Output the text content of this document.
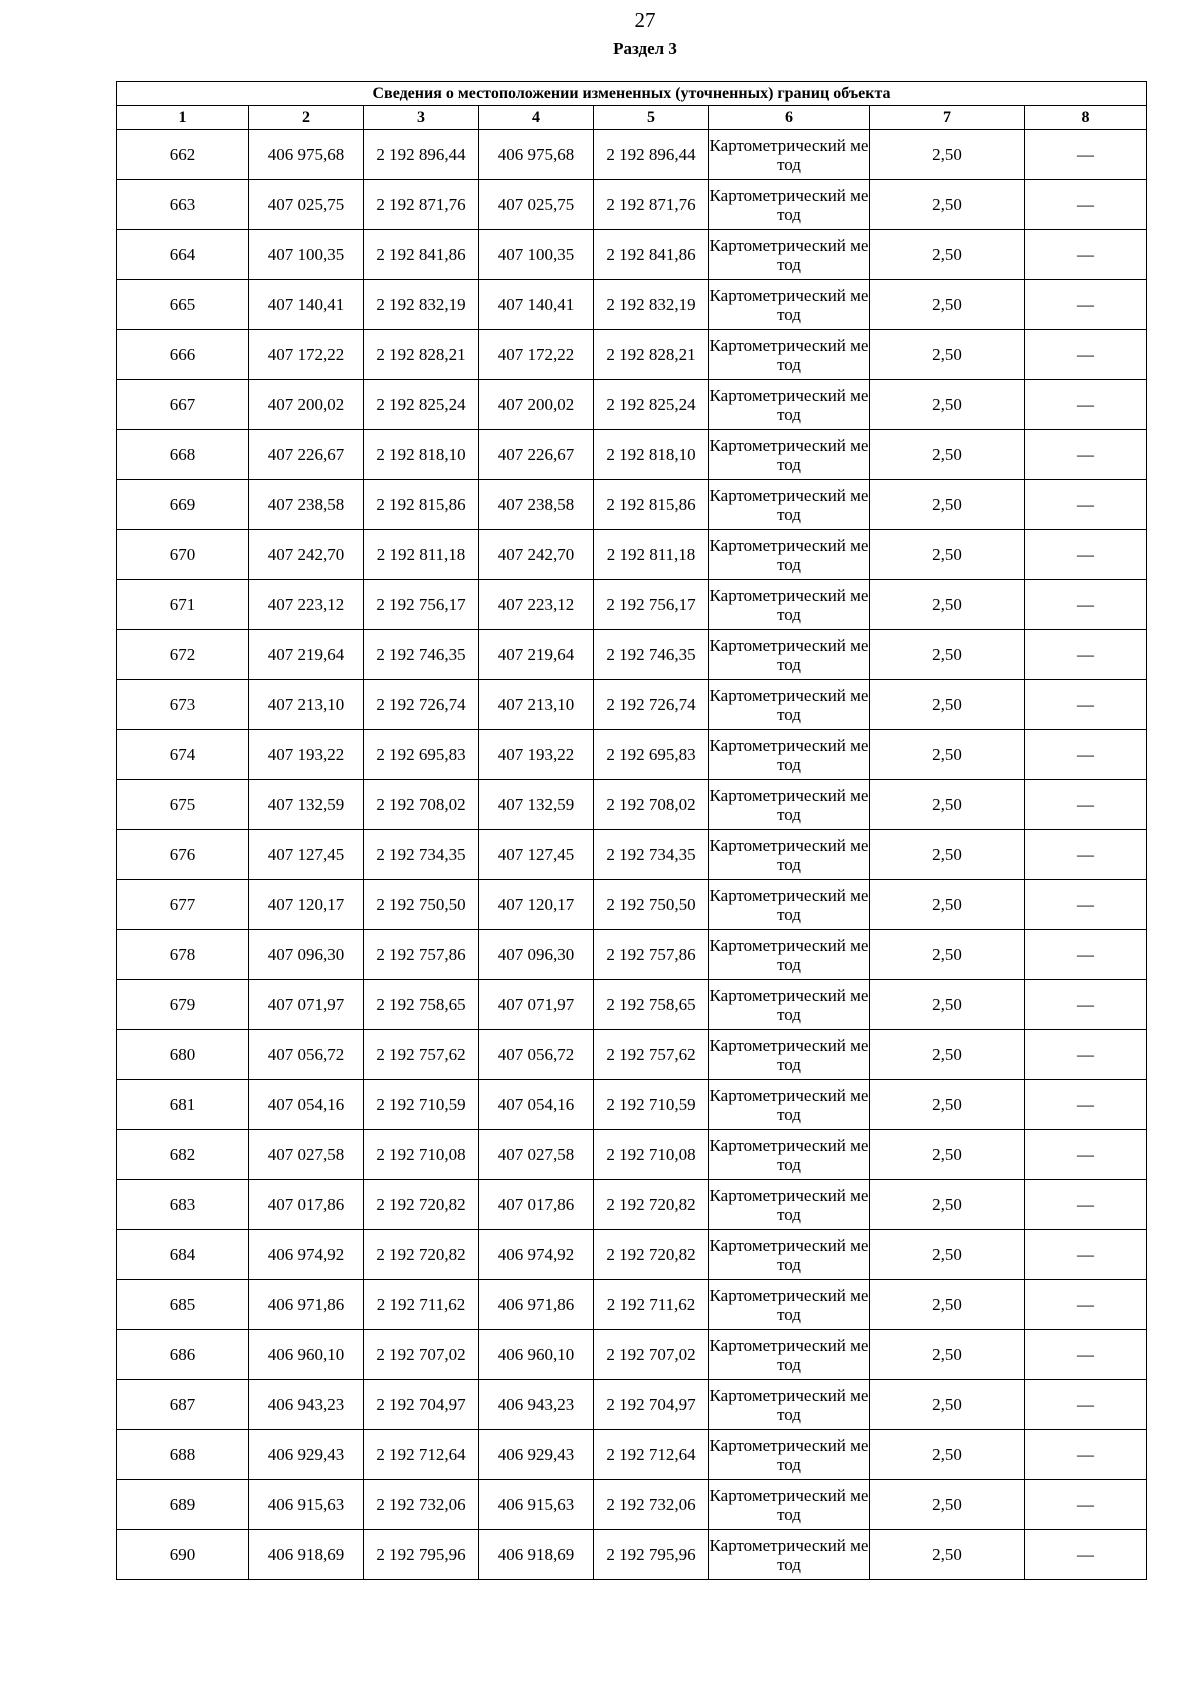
27
Раздел 3
Сведения о местоположении измененных (уточненных) границ объекта							
1	2	3	4	5	6	7	8
662	406 975,68	2 192 896,44	406 975,68	2 192 896,44	Картометрический метод	2,50	—
663	407 025,75	2 192 871,76	407 025,75	2 192 871,76	Картометрический метод	2,50	—
664	407 100,35	2 192 841,86	407 100,35	2 192 841,86	Картометрический метод	2,50	—
665	407 140,41	2 192 832,19	407 140,41	2 192 832,19	Картометрический метод	2,50	—
666	407 172,22	2 192 828,21	407 172,22	2 192 828,21	Картометрический метод	2,50	—
667	407 200,02	2 192 825,24	407 200,02	2 192 825,24	Картометрический метод	2,50	—
668	407 226,67	2 192 818,10	407 226,67	2 192 818,10	Картометрический метод	2,50	—
669	407 238,58	2 192 815,86	407 238,58	2 192 815,86	Картометрический метод	2,50	—
670	407 242,70	2 192 811,18	407 242,70	2 192 811,18	Картометрический метод	2,50	—
671	407 223,12	2 192 756,17	407 223,12	2 192 756,17	Картометрический метод	2,50	—
672	407 219,64	2 192 746,35	407 219,64	2 192 746,35	Картометрический метод	2,50	—
673	407 213,10	2 192 726,74	407 213,10	2 192 726,74	Картометрический метод	2,50	—
674	407 193,22	2 192 695,83	407 193,22	2 192 695,83	Картометрический метод	2,50	—
675	407 132,59	2 192 708,02	407 132,59	2 192 708,02	Картометрический метод	2,50	—
676	407 127,45	2 192 734,35	407 127,45	2 192 734,35	Картометрический метод	2,50	—
677	407 120,17	2 192 750,50	407 120,17	2 192 750,50	Картометрический метод	2,50	—
678	407 096,30	2 192 757,86	407 096,30	2 192 757,86	Картометрический метод	2,50	—
679	407 071,97	2 192 758,65	407 071,97	2 192 758,65	Картометрический метод	2,50	—
680	407 056,72	2 192 757,62	407 056,72	2 192 757,62	Картометрический метод	2,50	—
681	407 054,16	2 192 710,59	407 054,16	2 192 710,59	Картометрический метод	2,50	—
682	407 027,58	2 192 710,08	407 027,58	2 192 710,08	Картометрический метод	2,50	—
683	407 017,86	2 192 720,82	407 017,86	2 192 720,82	Картометрический метод	2,50	—
684	406 974,92	2 192 720,82	406 974,92	2 192 720,82	Картометрический метод	2,50	—
685	406 971,86	2 192 711,62	406 971,86	2 192 711,62	Картометрический метод	2,50	—
686	406 960,10	2 192 707,02	406 960,10	2 192 707,02	Картометрический метод	2,50	—
687	406 943,23	2 192 704,97	406 943,23	2 192 704,97	Картометрический метод	2,50	—
688	406 929,43	2 192 712,64	406 929,43	2 192 712,64	Картометрический метод	2,50	—
689	406 915,63	2 192 732,06	406 915,63	2 192 732,06	Картометрический метод	2,50	—
690	406 918,69	2 192 795,96	406 918,69	2 192 795,96	Картометрический метод	2,50	—
